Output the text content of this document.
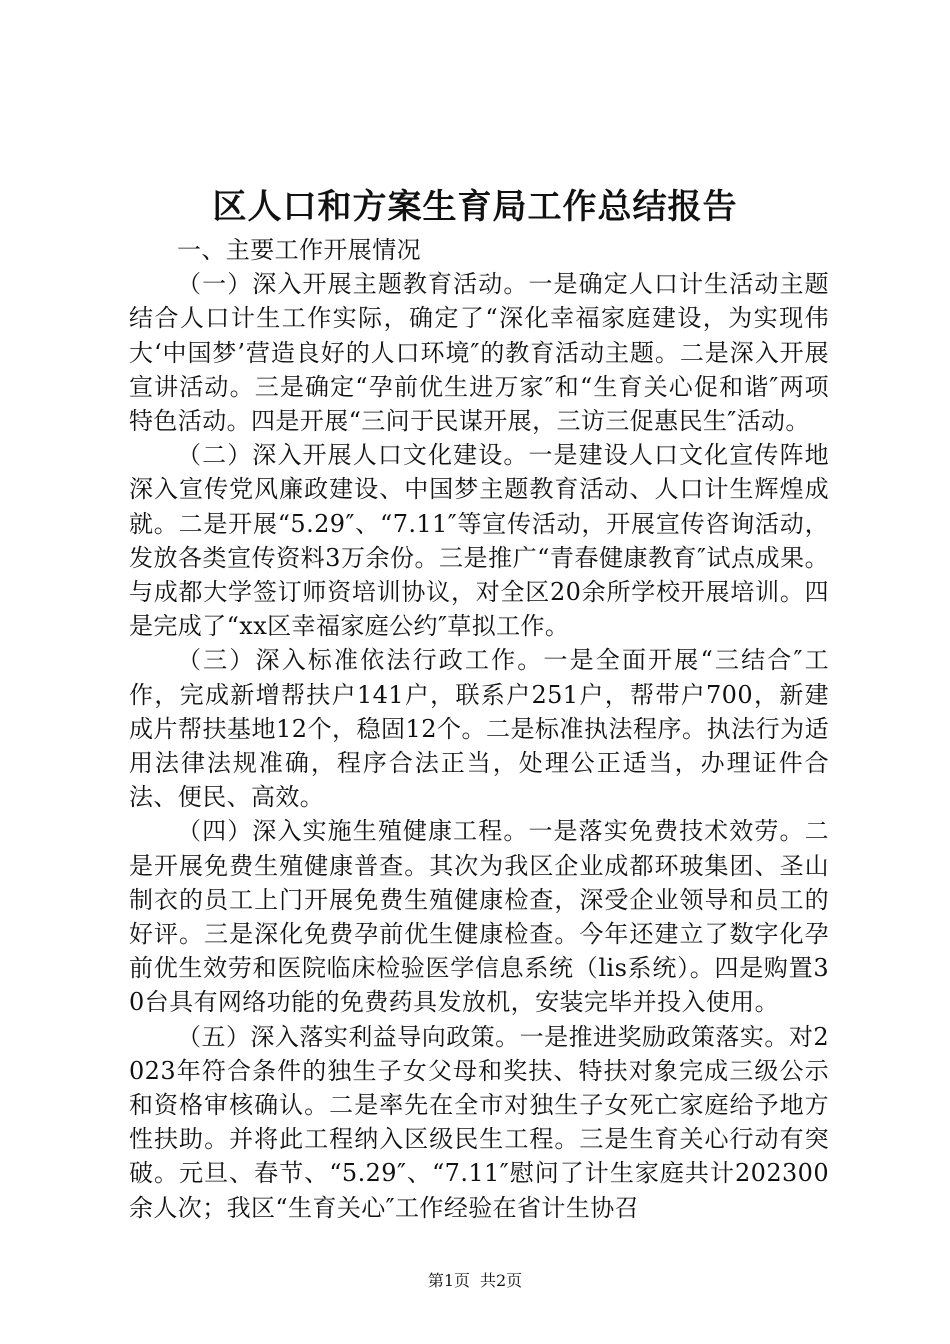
区人口和方案生育局工作总结报告

一、主要工作开展情况

（一）深入开展主题教育活动。一是确定人口计生活动主题结合人口计生工作实际，确定了“深化幸福家庭建设，为实现伟大‘中国梦’营造良好的人口环境″的教育活动主题。二是深入开展宣讲活动。三是确定“孕前优生进万家″和“生育关心促和谐″两项特色活动。四是开展“三问于民谋开展，三访三促惠民生″活动。

（二）深入开展人口文化建设。一是建设人口文化宣传阵地深入宣传党风廉政建设、中国梦主题教育活动、人口计生辉煌成就。二是开展“5.29″、“7.11″等宣传活动，开展宣传咨询活动，发放各类宣传资料3万余份。三是推广“青春健康教育″试点成果。与成都大学签订师资培训协议，对全区20余所学校开展培训。四是完成了“xx区幸福家庭公约″草拟工作。

（三）深入标准依法行政工作。一是全面开展“三结合″工作，完成新增帮扶户141户，联系户251户，帮带户700，新建成片帮扶基地12个，稳固12个。二是标准执法程序。执法行为适用法律法规准确，程序合法正当，处理公正适当，办理证件合法、便民、高效。

（四）深入实施生殖健康工程。一是落实免费技术效劳。二是开展免费生殖健康普查。其次为我区企业成都环玻集团、圣山制衣的员工上门开展免费生殖健康检查，深受企业领导和员工的好评。三是深化免费孕前优生健康检查。今年还建立了数字化孕前优生效劳和医院临床检验医学信息系统（lis系统）。四是购置30台具有网络功能的免费药具发放机，安装完毕并投入使用。

（五）深入落实利益导向政策。一是推进奖励政策落实。对2023年符合条件的独生子女父母和奖扶、特扶对象完成三级公示和资格审核确认。二是率先在全市对独生子女死亡家庭给予地方性扶助。并将此工程纳入区级民生工程。三是生育关心行动有突破。元旦、春节、“5.29″、“7.11″慰问了计生家庭共计202300余人次；我区“生育关心″工作经验在省计生协召

第1页 共2页
